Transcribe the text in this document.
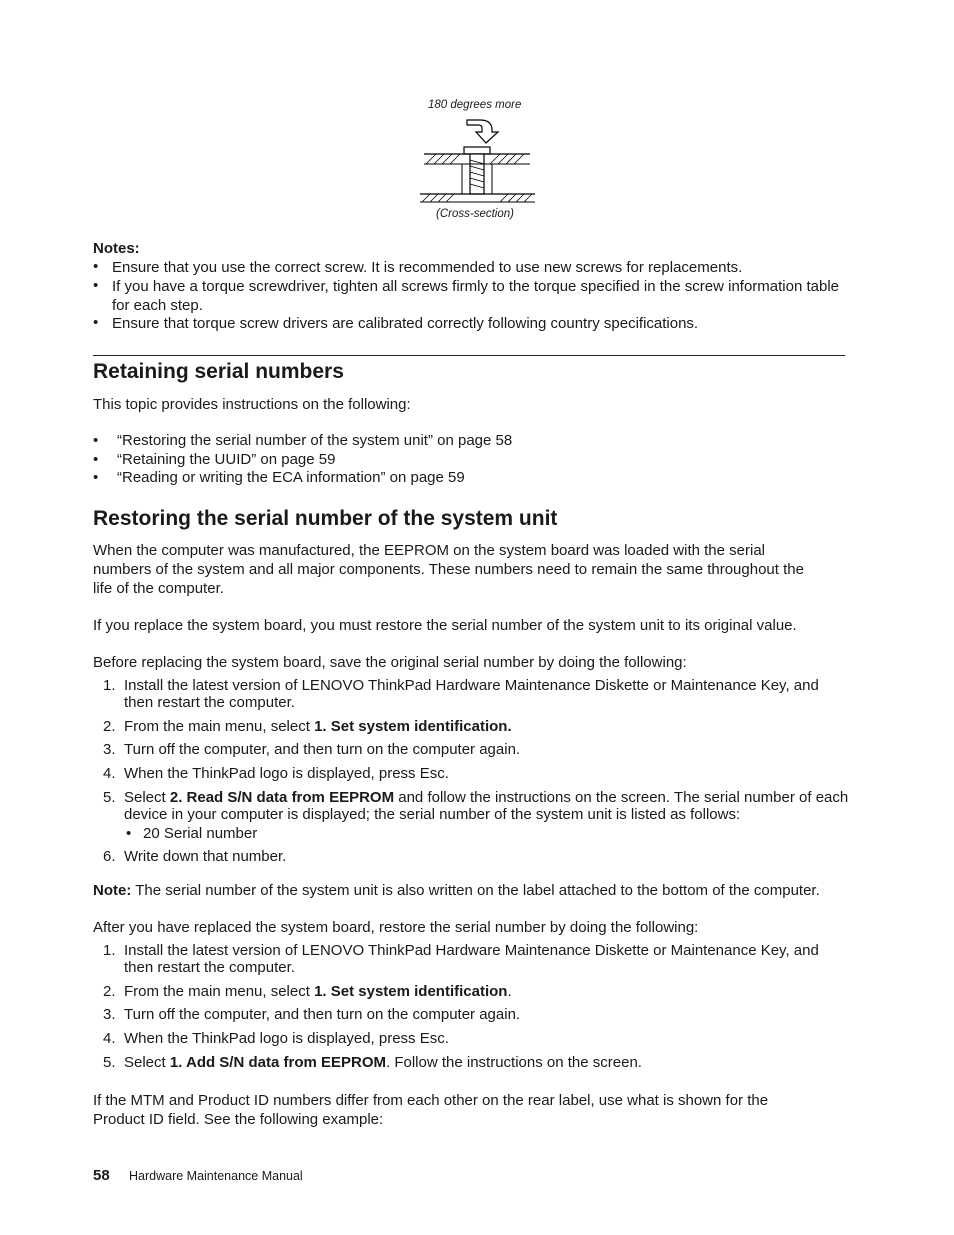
180 degrees more
(Cross-section)
Notes:
• Ensure that you use the correct screw. It is recommended to use new screws for replacements.
• If you have a torque screwdriver, tighten all screws firmly to the torque specified in the screw information table for each step.
• Ensure that torque screw drivers are calibrated correctly following country specifications.
Retaining serial numbers
This topic provides instructions on the following:
• “Restoring the serial number of the system unit” on page 58
• “Retaining the UUID” on page 59
• “Reading or writing the ECA information” on page 59
Restoring the serial number of the system unit
When the computer was manufactured, the EEPROM on the system board was loaded with the serial numbers of the system and all major components. These numbers need to remain the same throughout the life of the computer.
If you replace the system board, you must restore the serial number of the system unit to its original value.
Before replacing the system board, save the original serial number by doing the following:
1. Install the latest version of LENOVO ThinkPad Hardware Maintenance Diskette or Maintenance Key, and then restart the computer.
2. From the main menu, select 1. Set system identification.
3. Turn off the computer, and then turn on the computer again.
4. When the ThinkPad logo is displayed, press Esc.
5. Select 2. Read S/N data from EEPROM and follow the instructions on the screen. The serial number of each device in your computer is displayed; the serial number of the system unit is listed as follows:
• 20 Serial number
6. Write down that number.
Note: The serial number of the system unit is also written on the label attached to the bottom of the computer.
After you have replaced the system board, restore the serial number by doing the following:
1. Install the latest version of LENOVO ThinkPad Hardware Maintenance Diskette or Maintenance Key, and then restart the computer.
2. From the main menu, select 1. Set system identification.
3. Turn off the computer, and then turn on the computer again.
4. When the ThinkPad logo is displayed, press Esc.
5. Select 1. Add S/N data from EEPROM. Follow the instructions on the screen.
If the MTM and Product ID numbers differ from each other on the rear label, use what is shown for the Product ID field. See the following example:
58 Hardware Maintenance Manual
